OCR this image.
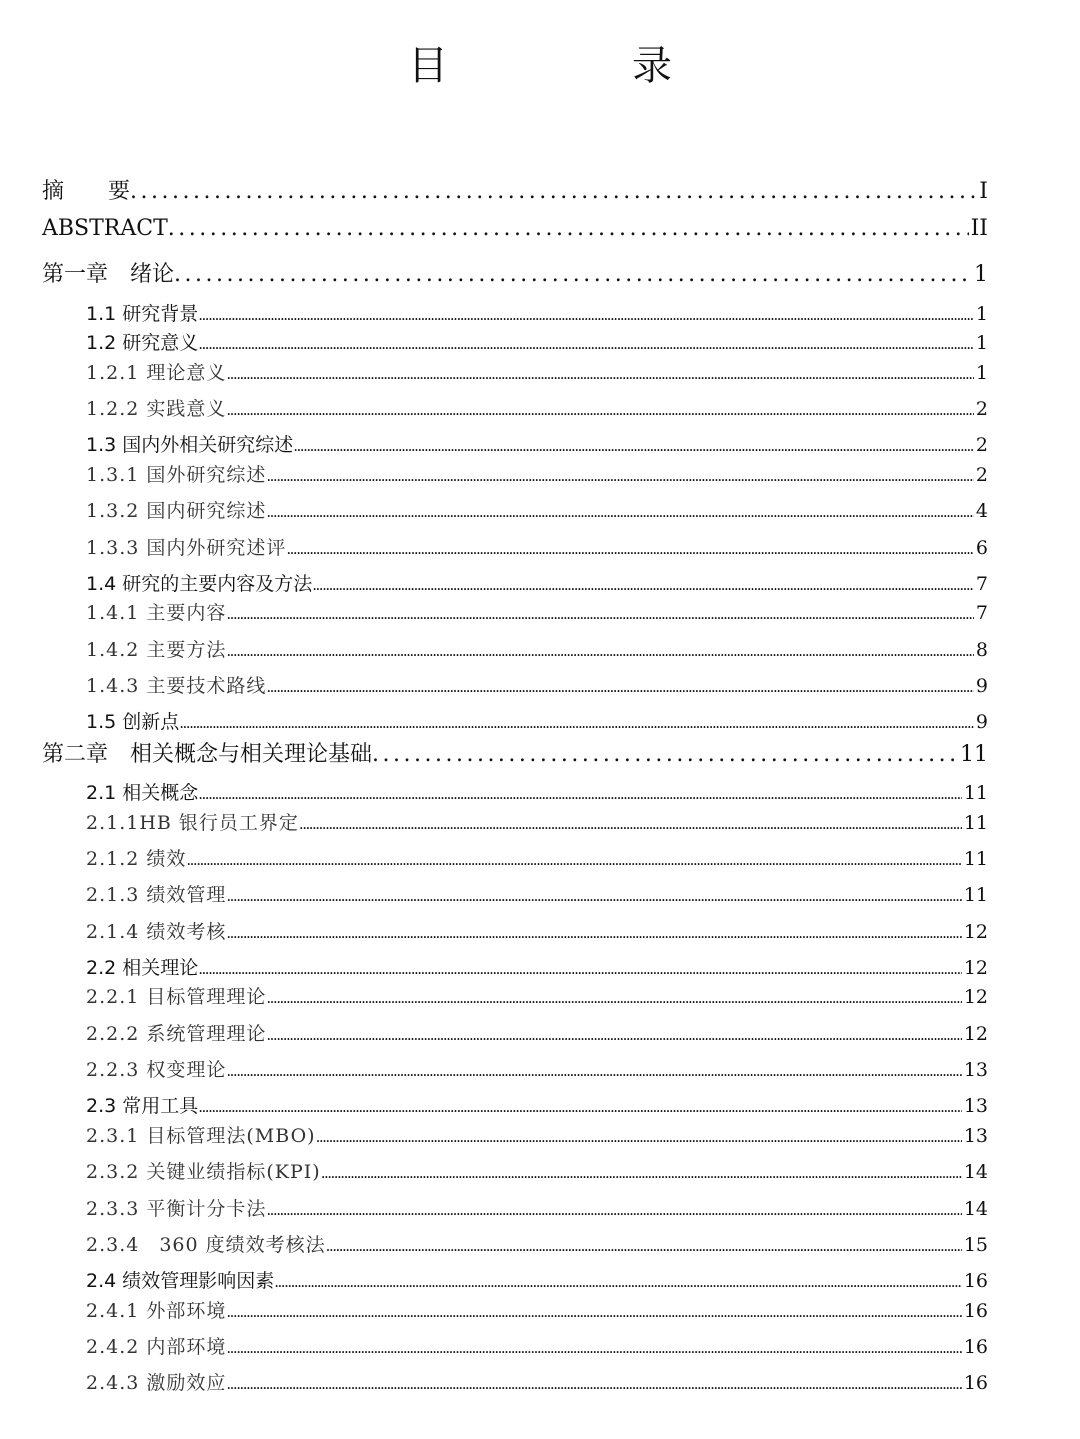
目　录
摘　　要 .....	I
ABSTRACT .....	II
第一章　绪论 .....	1
1.1 研究背景 .....	1
1.2 研究意义 .....	1
1.2.1 理论意义 .....	1
1.2.2 实践意义 .....	2
1.3 国内外相关研究综述 .....	2
1.3.1 国外研究综述 .....	2
1.3.2 国内研究综述 .....	4
1.3.3 国内外研究述评 .....	6
1.4 研究的主要内容及方法 .....	7
1.4.1 主要内容 .....	7
1.4.2 主要方法 .....	8
1.4.3 主要技术路线 .....	9
1.5 创新点 .....	9
第二章　相关概念与相关理论基础 .....	11
2.1 相关概念 .....	11
2.1.1HB 银行员工界定 .....	11
2.1.2 绩效 .....	11
2.1.3 绩效管理 .....	11
2.1.4 绩效考核 .....	12
2.2 相关理论 .....	12
2.2.1 目标管理理论 .....	12
2.2.2 系统管理理论 .....	12
2.2.3 权变理论 .....	13
2.3 常用工具 .....	13
2.3.1 目标管理法(MBO) .....	13
2.3.2 关键业绩指标(KPI) .....	14
2.3.3 平衡计分卡法 .....	14
2.3.4　360 度绩效考核法 .....	15
2.4 绩效管理影响因素 .....	16
2.4.1 外部环境 .....	16
2.4.2 内部环境 .....	16
2.4.3 激励效应 .....	16
